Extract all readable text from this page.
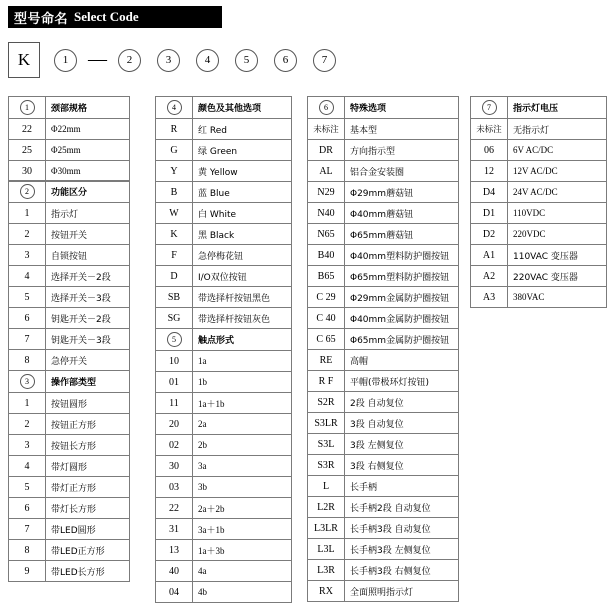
型号命名 Select Code
K	1	—	2	3	4	5	6	7
1	颈部规格
22	Φ22mm
25	Φ25mm
30	Φ30mm
2	功能区分
1	指示灯
2	按钮开关
3	自锁按钮
4	选择开关－2段
5	选择开关－3段
6	钥匙开关－2段
7	钥匙开关－3段
8	急停开关
3	操作部类型
1	按钮圆形
2	按钮正方形
3	按钮长方形
4	带灯圆形
5	带灯正方形
6	带灯长方形
7	带LED圆形
8	带LED正方形
9	带LED长方形
4	颜色及其他选项
R	红 Red
G	绿 Green
Y	黄 Yellow
B	蓝 Blue
W	白 White
K	黑 Black
F	急停梅花钮
D	I/O双位按钮
SB	带选择杆按钮黑色
SG	带选择杆按钮灰色
5	触点形式
10	1a
01	1b
11	1a＋1b
20	2a
02	2b
30	3a
03	3b
22	2a＋2b
31	3a＋1b
13	1a＋3b
40	4a
04	4b
6	特殊选项
未标注	基本型
DR	方向指示型
AL	铝合金安装圈
N29	Φ29mm蘑菇钮
N40	Φ40mm蘑菇钮
N65	Φ65mm蘑菇钮
B40	Φ40mm塑料防护圈按钮
B65	Φ65mm塑料防护圈按钮
C 29	Φ29mm金属防护圈按钮
C 40	Φ40mm金属防护圈按钮
C 65	Φ65mm金属防护圈按钮
RE	高帽
R F	平帽(带极环灯按钮)
S2R	2段 自动复位
S3LR	3段 自动复位
S3L	3段 左侧复位
S3R	3段 右侧复位
L	长手柄
L2R	长手柄2段 自动复位
L3LR	长手柄3段 自动复位
L3L	长手柄3段 左侧复位
L3R	长手柄3段 右侧复位
RX	全面照明指示灯
7	指示灯电压
未标注	无指示灯
06	6V AC/DC
12	12V AC/DC
D4	24V AC/DC
D1	110VDC
D2	220VDC
A1	110VAC 变压器
A2	220VAC 变压器
A3	380VAC
